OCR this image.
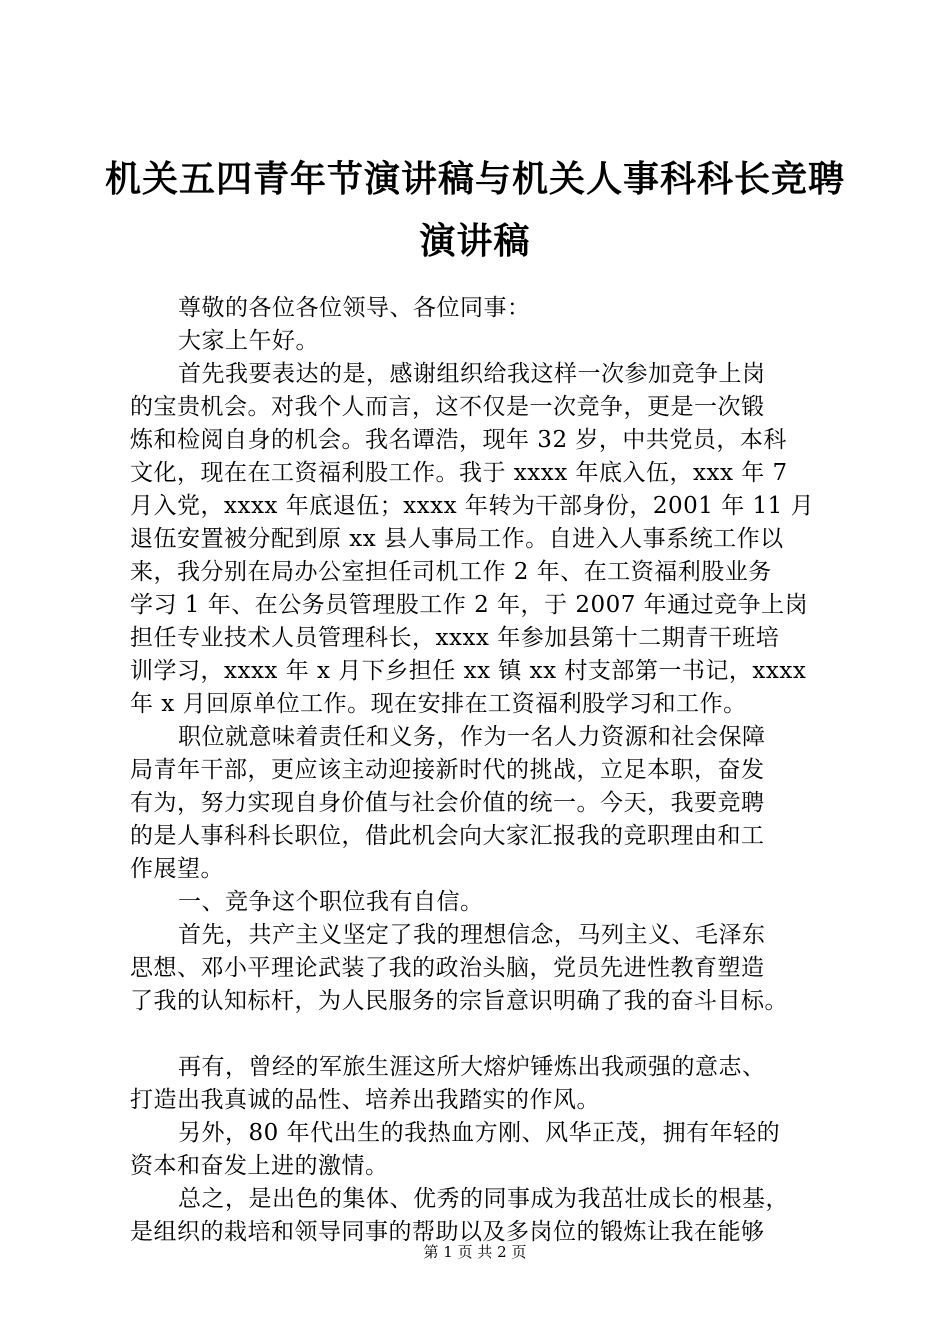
机关五四青年节演讲稿与机关人事科科长竞聘
演讲稿
尊敬的各位各位领导、各位同事：
大家上午好。
首先我要表达的是，感谢组织给我这样一次参加竞争上岗
的宝贵机会。对我个人而言，这不仅是一次竞争，更是一次锻
炼和检阅自身的机会。我名谭浩，现年 32 岁，中共党员，本科
文化，现在在工资福利股工作。我于 xxxx 年底入伍，xxx 年 7
月入党，xxxx 年底退伍；xxxx 年转为干部身份，2001 年 11 月
退伍安置被分配到原 xx 县人事局工作。自进入人事系统工作以
来，我分别在局办公室担任司机工作 2 年、在工资福利股业务
学习 1 年、在公务员管理股工作 2 年，于 2007 年通过竞争上岗
担任专业技术人员管理科长，xxxx 年参加县第十二期青干班培
训学习，xxxx 年 x 月下乡担任 xx 镇 xx 村支部第一书记，xxxx
年 x 月回原单位工作。现在安排在工资福利股学习和工作。
职位就意味着责任和义务，作为一名人力资源和社会保障
局青年干部，更应该主动迎接新时代的挑战，立足本职，奋发
有为，努力实现自身价值与社会价值的统一。今天，我要竞聘
的是人事科科长职位，借此机会向大家汇报我的竞职理由和工
作展望。
一、竞争这个职位我有自信。
首先，共产主义坚定了我的理想信念，马列主义、毛泽东
思想、邓小平理论武装了我的政治头脑，党员先进性教育塑造
了我的认知标杆，为人民服务的宗旨意识明确了我的奋斗目标。
再有，曾经的军旅生涯这所大熔炉锤炼出我顽强的意志、
打造出我真诚的品性、培养出我踏实的作风。
另外，80 年代出生的我热血方刚、风华正茂，拥有年轻的
资本和奋发上进的激情。
总之，是出色的集体、优秀的同事成为我茁壮成长的根基，
是组织的栽培和领导同事的帮助以及多岗位的锻炼让我在能够
第 1 页 共 2 页
